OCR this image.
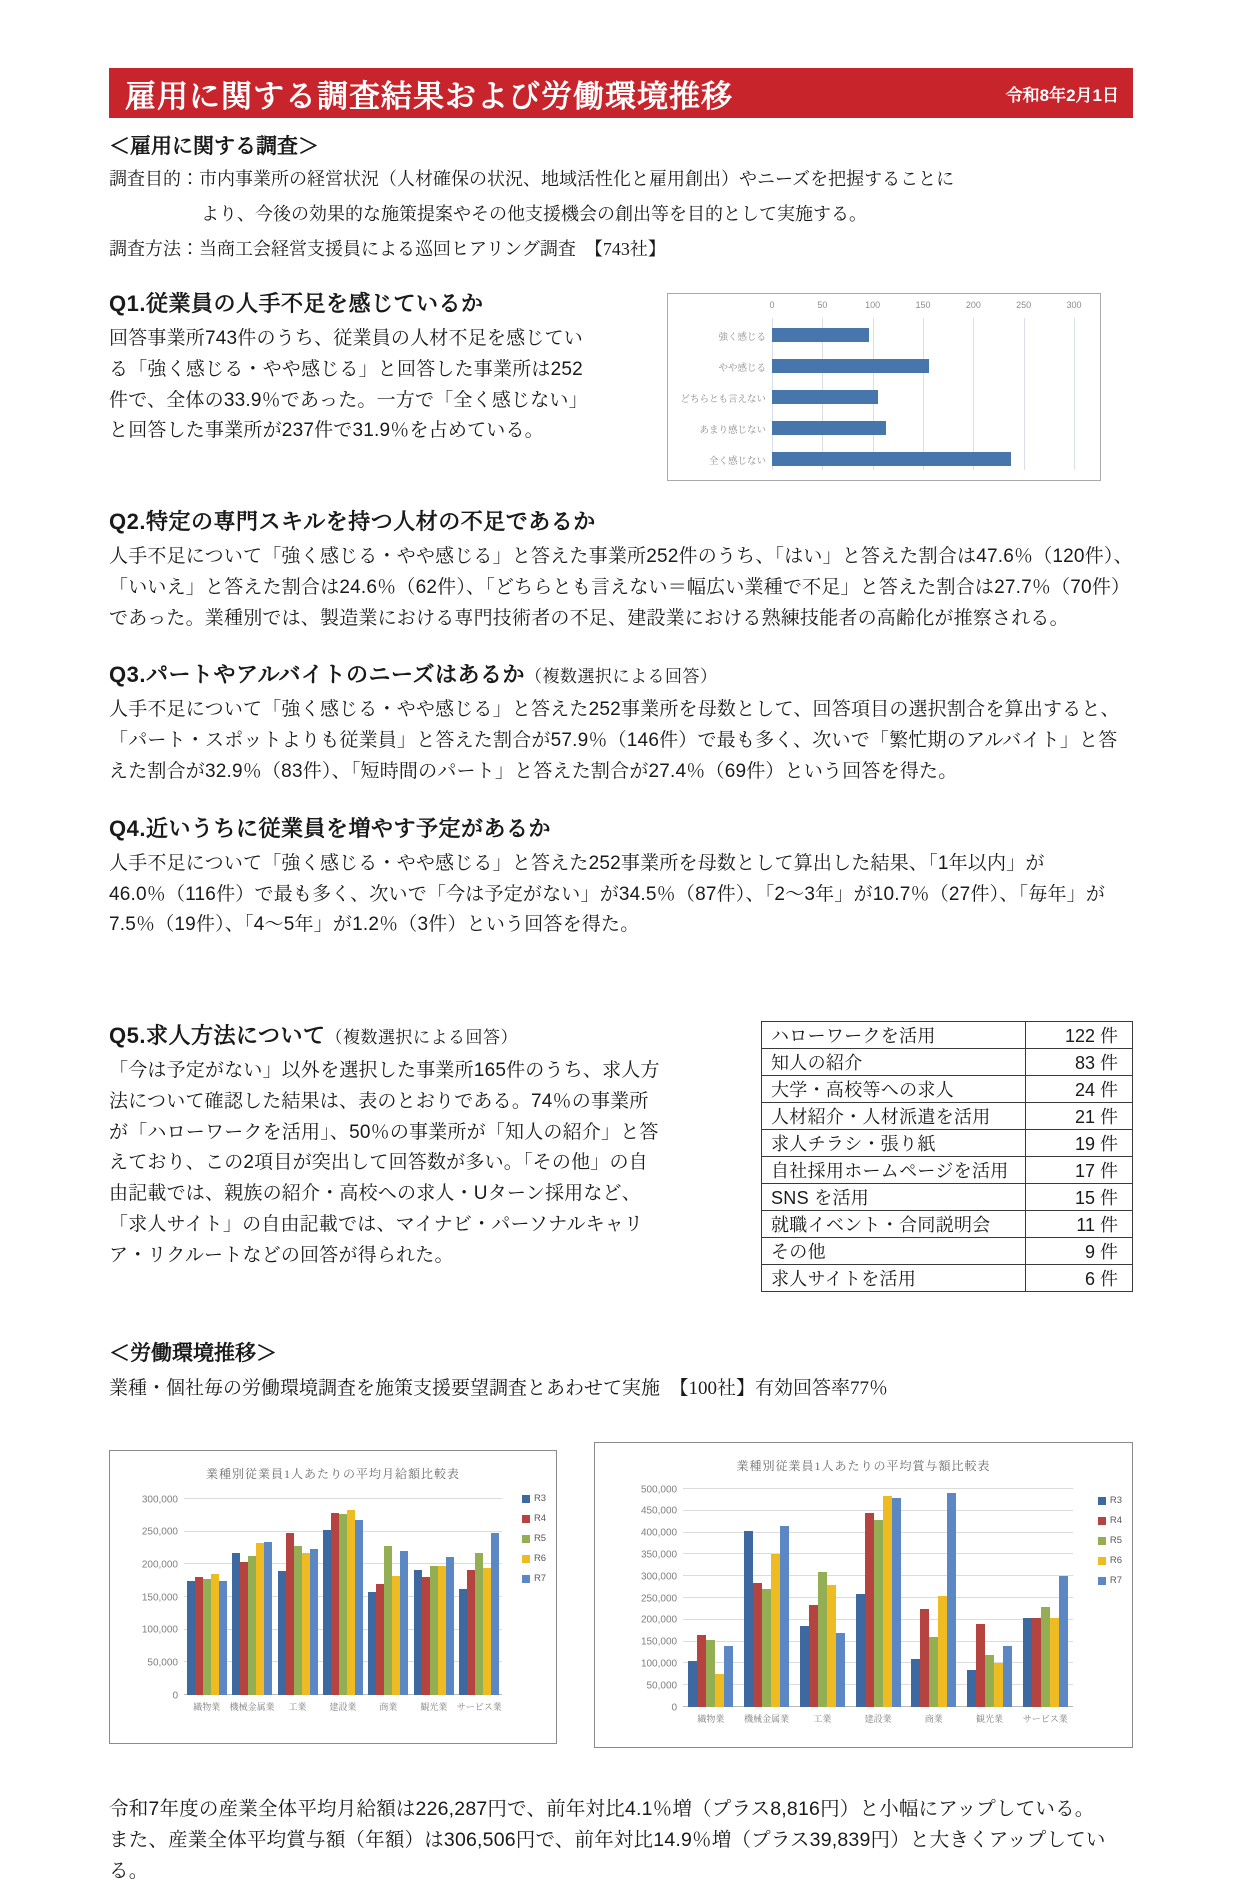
雇用に関する調査結果および労働環境推移	令和8年2月1日
＜雇用に関する調査＞
調査目的：市内事業所の経営状況（人材確保の状況、地域活性化と雇用創出）やニーズを把握することに
より、今後の効果的な施策提案やその他支援機会の創出等を目的として実施する。
調査方法：当商工会経営支援員による巡回ヒアリング調査　【743社】
Q1.従業員の人手不足を感じているか
回答事業所743件のうち、従業員の人材不足を感じている「強く感じる・やや感じる」と回答した事業所は252 件で、全体の33.9％であった。一方で「全く感じない」と回答した事業所が237件で31.9％を占めている。
0	50	100	150	200	250	300
強く感じる
やや感じる
どちらとも言えない
あまり感じない
全く感じない
Q2.特定の専門スキルを持つ人材の不足であるか
人手不足について「強く感じる・やや感じる」と答えた事業所252件のうち、「はい」と答えた割合は47.6％（120件）、「いいえ」と答えた割合は24.6％（62件）、「どちらとも言えない＝幅広い業種で不足」と答えた割合は27.7％（70件）であった。業種別では、製造業における専門技術者の不足、建設業における熟練技能者の高齢化が推察される。
Q3.パートやアルバイトのニーズはあるか（複数選択による回答）
人手不足について「強く感じる・やや感じる」と答えた252事業所を母数として、回答項目の選択割合を算出すると、「パート・スポットよりも従業員」と答えた割合が57.9％（146件）で最も多く、次いで「繁忙期のアルバイト」と答えた割合が32.9％（83件）、「短時間のパート」と答えた割合が27.4％（69件）という回答を得た。
Q4.近いうちに従業員を増やす予定があるか
人手不足について「強く感じる・やや感じる」と答えた252事業所を母数として算出した結果、「1年以内」が46.0％（116件）で最も多く、次いで「今は予定がない」が34.5％（87件）、「2～3年」が10.7％（27件）、「毎年」が7.5％（19件）、「4～5年」が1.2％（3件）という回答を得た。
Q5.求人方法について（複数選択による回答）
「今は予定がない」以外を選択した事業所165件のうち、求人方法について確認した結果は、表のとおりである。74％の事業所が「ハローワークを活用」、50％の事業所が「知人の紹介」と答えており、この2項目が突出して回答数が多い。「その他」の自由記載では、親族の紹介・高校への求人・Uターン採用など、「求人サイト」の自由記載では、マイナビ・パーソナルキャリア・リクルートなどの回答が得られた。
ハローワークを活用	122 件
知人の紹介	83 件
大学・高校等への求人	24 件
人材紹介・人材派遣を活用	21 件
求人チラシ・張り紙	19 件
自社採用ホームページを活用	17 件
SNS を活用	15 件
就職イベント・合同説明会	11 件
その他	9 件
求人サイトを活用	6 件
＜労働環境推移＞
業種・個社毎の労働環境調査を施策支援要望調査とあわせて実施　【100社】有効回答率77％
業種別従業員1人あたりの平均月給額比較表
0
50,000
100,000
150,000
200,000
250,000
300,000
織物業 機械金属業 工業	建設業	商業	観光業 サービス業
R3
R4
R5
R6
R7
業種別従業員1人あたりの平均賞与額比較表
0
50,000
100,000
150,000
200,000
250,000
300,000
350,000
400,000
450,000
500,000
織物業 機械金属業	工業	建設業	商業	観光業 サービス業
R3
R4
R5
R6
R7
令和7年度の産業全体平均月給額は226,287円で、前年対比4.1％増（プラス8,816円）と小幅にアップしている。
また、産業全体平均賞与額（年額）は306,506円で、前年対比14.9％増（プラス39,839円）と大きくアップしている。
